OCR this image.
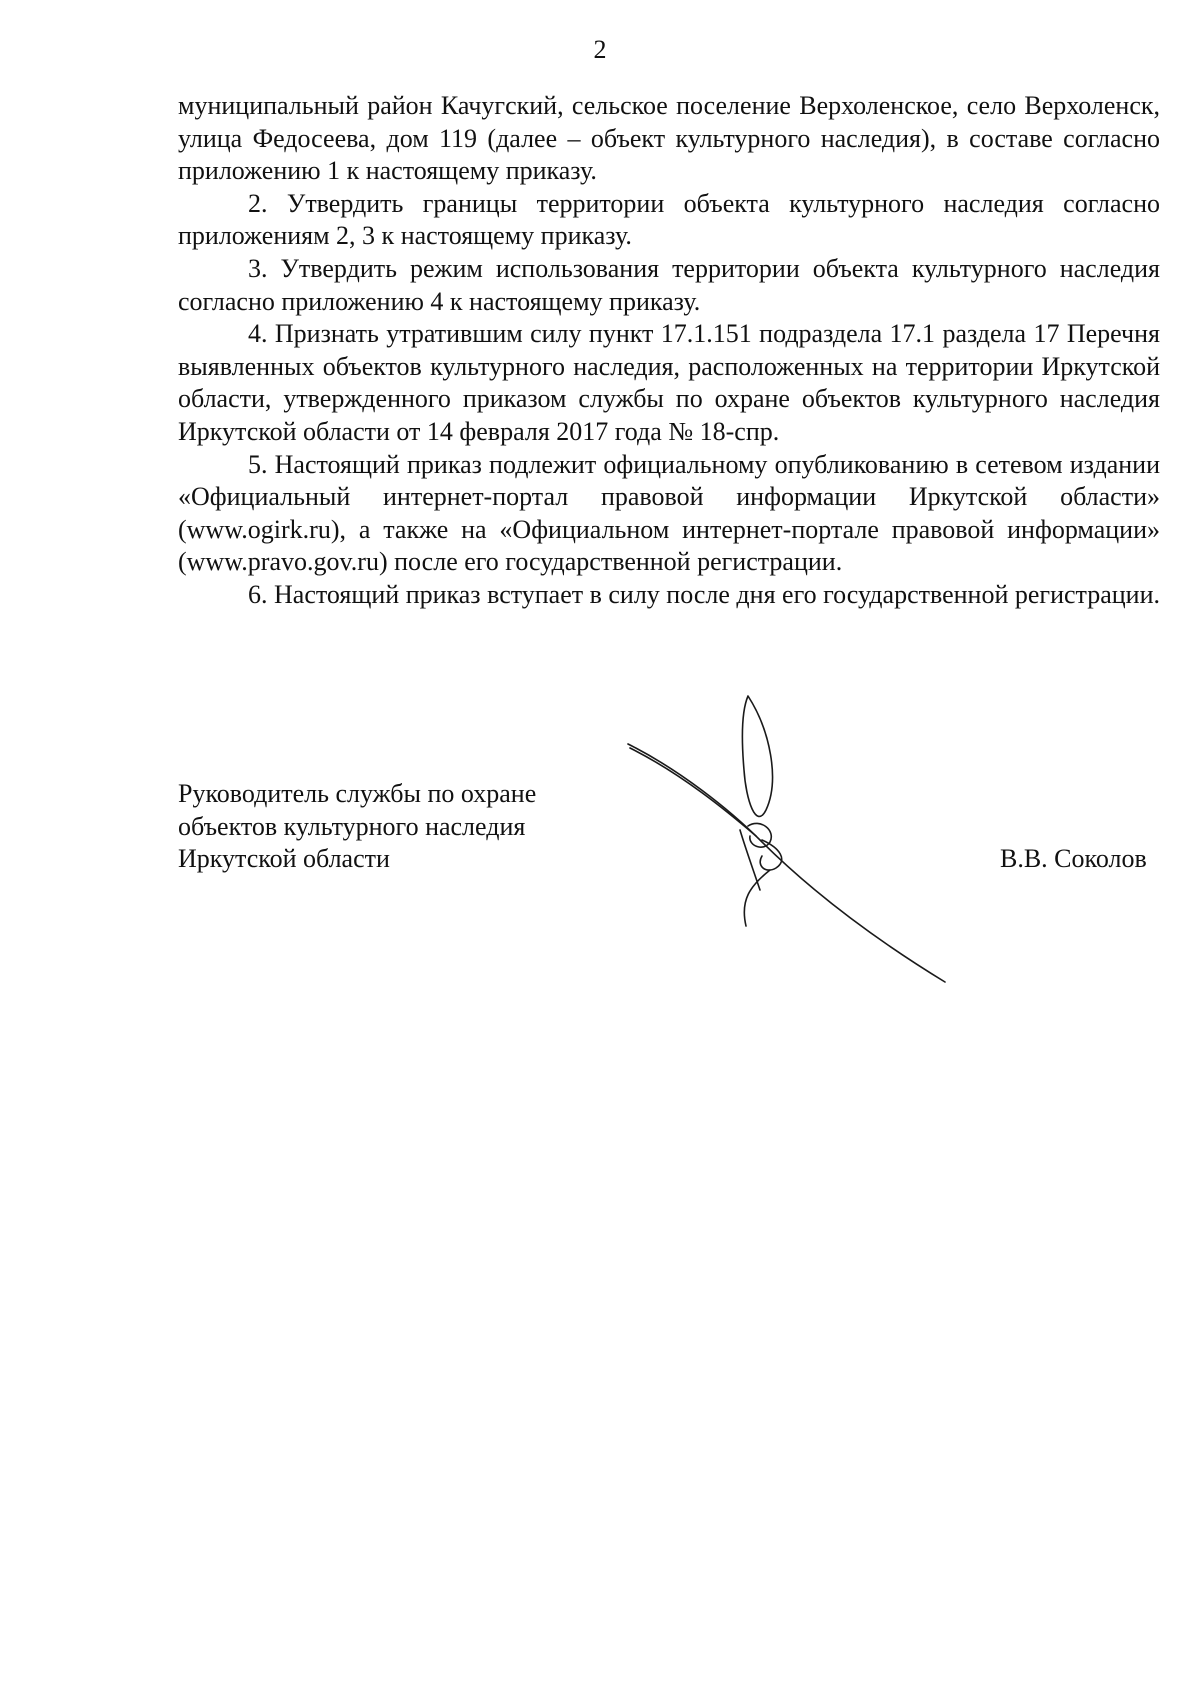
2

муниципальный район Качугский, сельское поселение Верхоленское, село Верхоленск, улица Федосеева, дом 119 (далее – объект культурного наследия), в составе согласно приложению 1 к настоящему приказу.

2. Утвердить границы территории объекта культурного наследия согласно приложениям 2, 3 к настоящему приказу.

3. Утвердить режим использования территории объекта культурного наследия согласно приложению 4 к настоящему приказу.

4. Признать утратившим силу пункт 17.1.151 подраздела 17.1 раздела 17 Перечня выявленных объектов культурного наследия, расположенных на территории Иркутской области, утвержденного приказом службы по охране объектов культурного наследия Иркутской области от 14 февраля 2017 года № 18-спр.

5. Настоящий приказ подлежит официальному опубликованию в сетевом издании «Официальный интернет-портал правовой информации Иркутской области» (www.ogirk.ru), а также на «Официальном интернет-портале правовой информации» (www.pravo.gov.ru) после его государственной регистрации.

6. Настоящий приказ вступает в силу после дня его государственной регистрации.

Руководитель службы по охране
объектов культурного наследия
Иркутской области	В.В. Соколов
